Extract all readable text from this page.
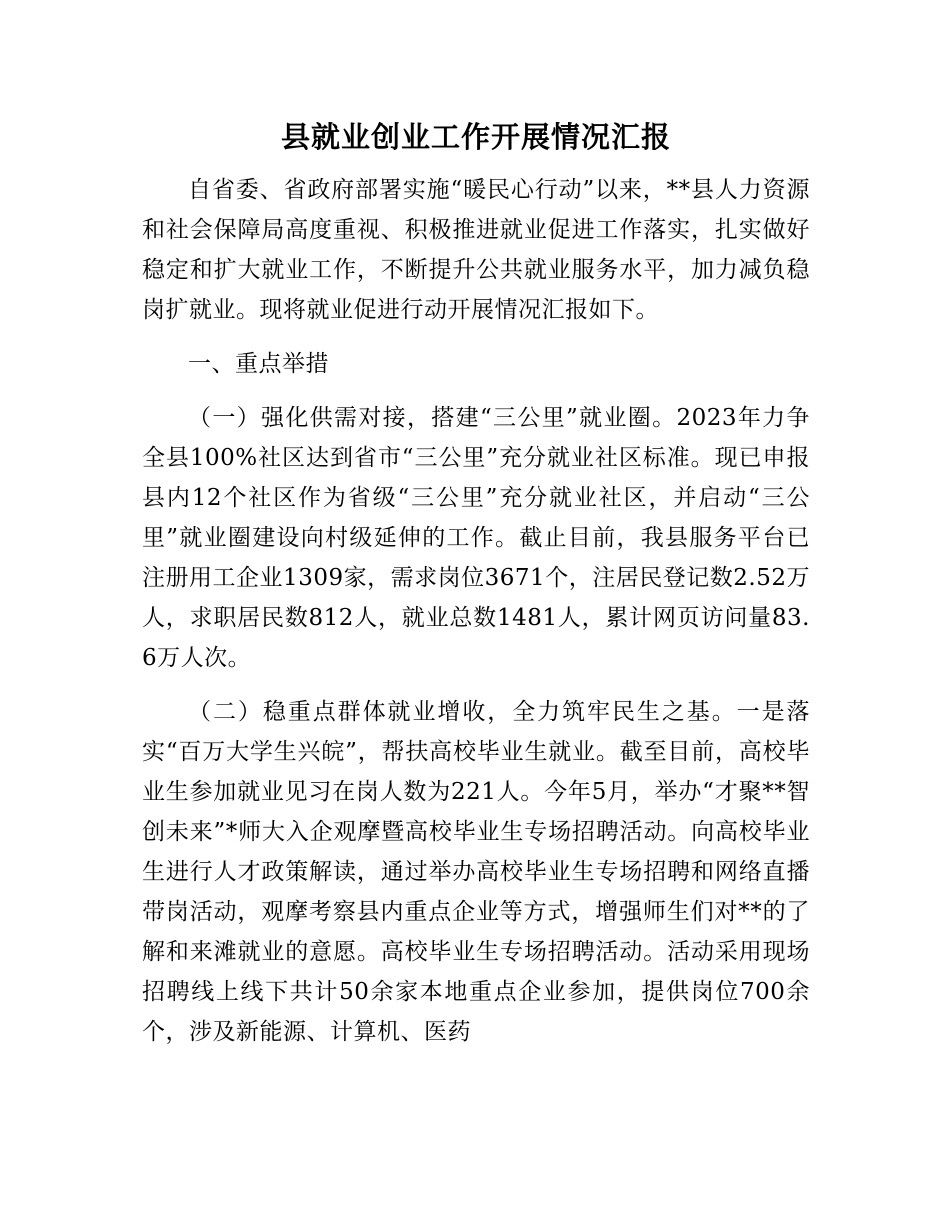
县就业创业工作开展情况汇报

自省委、省政府部署实施“暖民心行动”以来，**县人力资源和社会保障局高度重视、积极推进就业促进工作落实，扎实做好稳定和扩大就业工作，不断提升公共就业服务水平，加力减负稳岗扩就业。现将就业促进行动开展情况汇报如下。

一、重点举措

（一）强化供需对接，搭建“三公里”就业圈。2023年力争全县100%社区达到省市“三公里”充分就业社区标准。现已申报县内12个社区作为省级“三公里”充分就业社区，并启动“三公里”就业圈建设向村级延伸的工作。截止目前，我县服务平台已注册用工企业1309家，需求岗位3671个，注居民登记数2.52万人，求职居民数812人，就业总数1481人，累计网页访问量83.6万人次。

（二）稳重点群体就业增收，全力筑牢民生之基。一是落实“百万大学生兴皖”，帮扶高校毕业生就业。截至目前，高校毕业生参加就业见习在岗人数为221人。今年5月，举办“才聚**智创未来”*师大入企观摩暨高校毕业生专场招聘活动。向高校毕业生进行人才政策解读，通过举办高校毕业生专场招聘和网络直播带岗活动，观摩考察县内重点企业等方式，增强师生们对**的了解和来滩就业的意愿。高校毕业生专场招聘活动。活动采用现场招聘线上线下共计50余家本地重点企业参加，提供岗位700余个，涉及新能源、计算机、医药
